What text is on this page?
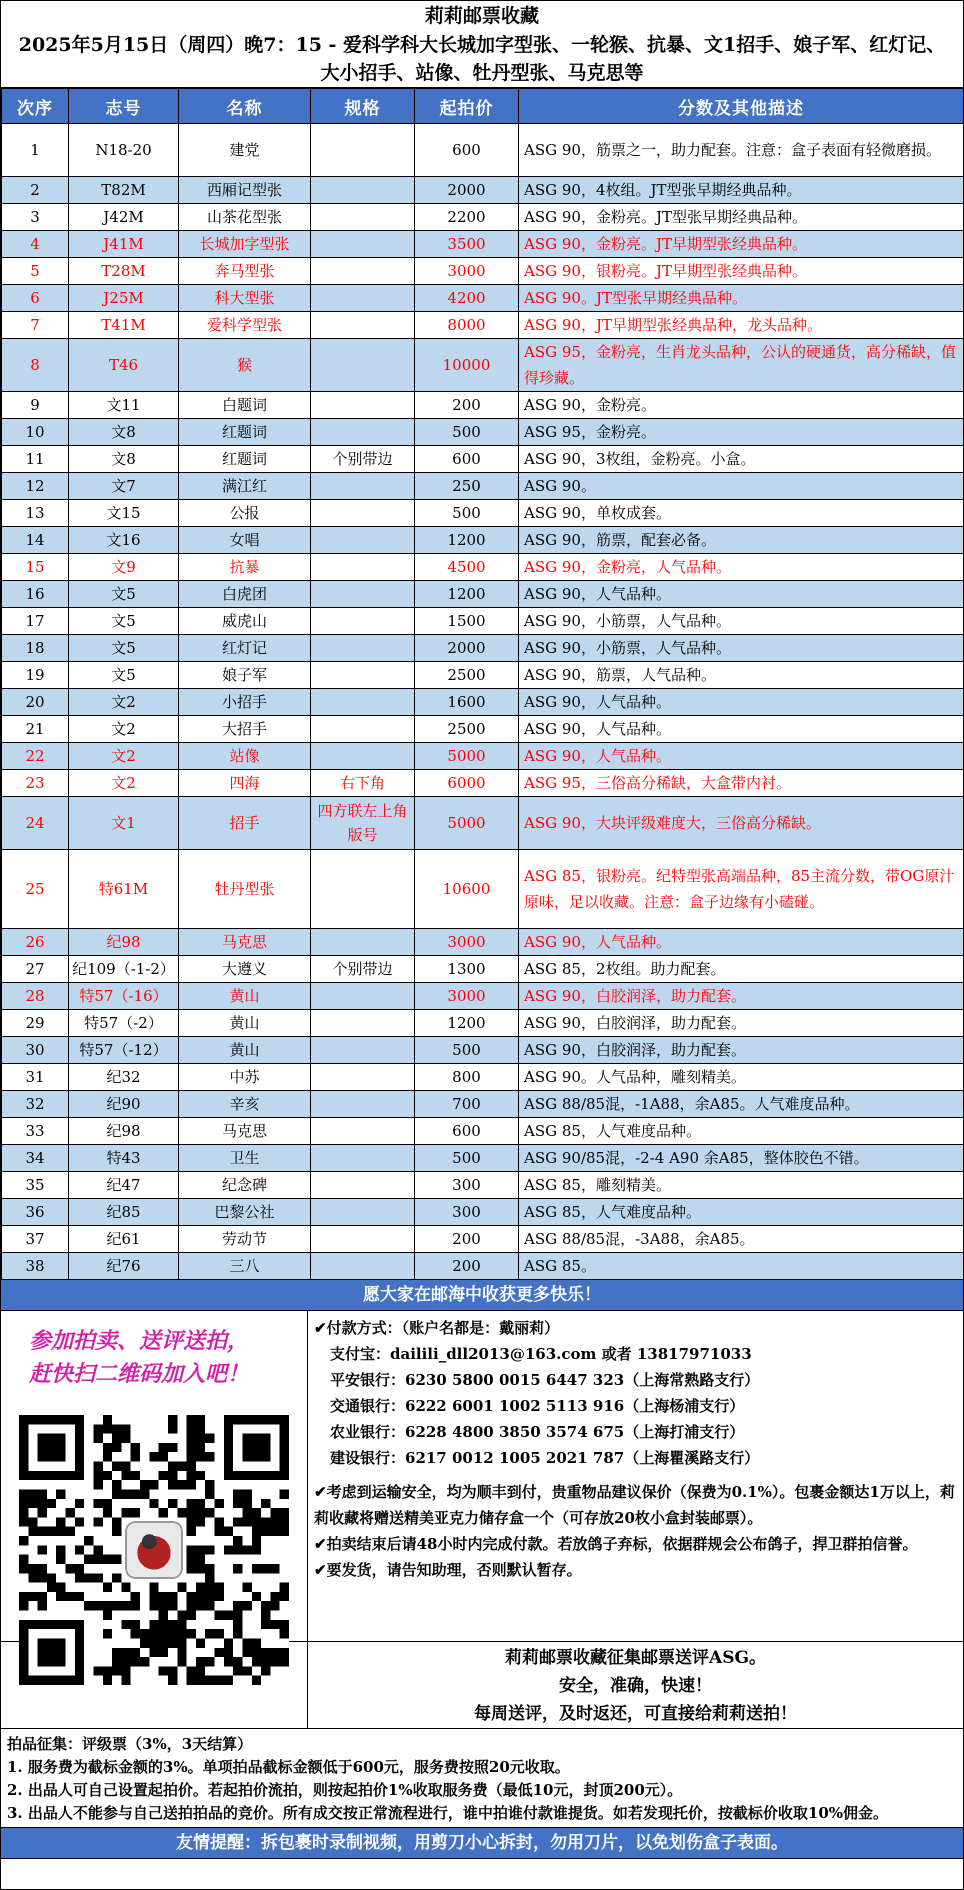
莉莉邮票收藏
2025年5月15日（周四）晚7：15 - 爱科学科大长城加字型张、一轮猴、抗暴、文1招手、娘子军、红灯记、大小招手、站像、牡丹型张、马克思等
次序	志号	名称	规格	起拍价	分数及其他描述
1	N18-20	建党		600	ASG 90，筋票之一，助力配套。注意：盒子表面有轻微磨损。
2	T82M	西厢记型张		2000	ASG 90，4枚组。JT型张早期经典品种。
3	J42M	山茶花型张		2200	ASG 90，金粉亮。JT型张早期经典品种。
4	J41M	长城加字型张		3500	ASG 90，金粉亮。JT早期型张经典品种。
5	T28M	奔马型张		3000	ASG 90，银粉亮。JT早期型张经典品种。
6	J25M	科大型张		4200	ASG 90。JT型张早期经典品种。
7	T41M	爱科学型张		8000	ASG 90，JT早期型张经典品种，龙头品种。
8	T46	猴		10000	ASG 95，金粉亮，生肖龙头品种，公认的硬通货，高分稀缺，值得珍藏。
9	文11	白题词		200	ASG 90，金粉亮。
10	文8	红题词		500	ASG 95，金粉亮。
11	文8	红题词	个别带边	600	ASG 90，3枚组，金粉亮。小盒。
12	文7	满江红		250	ASG 90。
13	文15	公报		500	ASG 90，单枚成套。
14	文16	女唱		1200	ASG 90，筋票，配套必备。
15	文9	抗暴		4500	ASG 90，金粉亮，人气品种。
16	文5	白虎团		1200	ASG 90，人气品种。
17	文5	威虎山		1500	ASG 90，小筋票，人气品种。
18	文5	红灯记		2000	ASG 90，小筋票，人气品种。
19	文5	娘子军		2500	ASG 90，筋票，人气品种。
20	文2	小招手		1600	ASG 90，人气品种。
21	文2	大招手		2500	ASG 90，人气品种。
22	文2	站像		5000	ASG 90，人气品种。
23	文2	四海	右下角	6000	ASG 95，三俗高分稀缺，大盒带内衬。
24	文1	招手	四方联左上角版号	5000	ASG 90，大块评级难度大，三俗高分稀缺。
25	特61M	牡丹型张		10600	ASG 85，银粉亮。纪特型张高端品种，85主流分数，带OG原汁原味，足以收藏。注意：盒子边缘有小磕碰。
26	纪98	马克思		3000	ASG 90，人气品种。
27	纪109（-1-2）	大遵义	个别带边	1300	ASG 85，2枚组。助力配套。
28	特57（-16）	黄山		3000	ASG 90，白胶润泽，助力配套。
29	特57（-2）	黄山		1200	ASG 90，白胶润泽，助力配套。
30	特57（-12）	黄山		500	ASG 90，白胶润泽，助力配套。
31	纪32	中苏		800	ASG 90。人气品种，雕刻精美。
32	纪90	辛亥		700	ASG 88/85混，-1A88，余A85。人气难度品种。
33	纪98	马克思		600	ASG 85，人气难度品种。
34	特43	卫生		500	ASG 90/85混，-2-4 A90 余A85，整体胶色不错。
35	纪47	纪念碑		300	ASG 85，雕刻精美。
36	纪85	巴黎公社		300	ASG 85，人气难度品种。
37	纪61	劳动节		200	ASG 88/85混，-3A88，余A85。
38	纪76	三八		200	ASG 85。
愿大家在邮海中收获更多快乐！
参加拍卖、送评送拍，
赶快扫二维码加入吧！
✔付款方式：（账户名都是：戴丽莉）
支付宝：dailili_dll2013@163.com 或者 13817971033
平安银行：6230 5800 0015 6447 323（上海常熟路支行）
交通银行：6222 6001 1002 5113 916（上海杨浦支行）
农业银行：6228 4800 3850 3574 675（上海打浦支行）
建设银行：6217 0012 1005 2021 787（上海瞿溪路支行）
✔考虑到运输安全，均为顺丰到付，贵重物品建议保价（保费为0.1%）。包裹金额达1万以上，莉莉收藏将赠送精美亚克力储存盒一个（可存放20枚小盒封装邮票）。
✔拍卖结束后请48小时内完成付款。若放鸽子弃标，依据群规会公布鸽子，捍卫群拍信誉。
✔要发货，请告知助理，否则默认暂存。
莉莉邮票收藏征集邮票送评ASG。
安全，准确，快速！
每周送评，及时返还，可直接给莉莉送拍！
拍品征集：评级票（3%，3天结算）
1. 服务费为截标金额的3%。单项拍品截标金额低于600元，服务费按照20元收取。
2. 出品人可自己设置起拍价。若起拍价流拍，则按起拍价1%收取服务费（最低10元，封顶200元）。
3. 出品人不能参与自己送拍拍品的竞价。所有成交按正常流程进行，谁中拍谁付款谁提货。如若发现托价，按截标价收取10%佣金。
友情提醒：拆包裹时录制视频，用剪刀小心拆封，勿用刀片，以免划伤盒子表面。
